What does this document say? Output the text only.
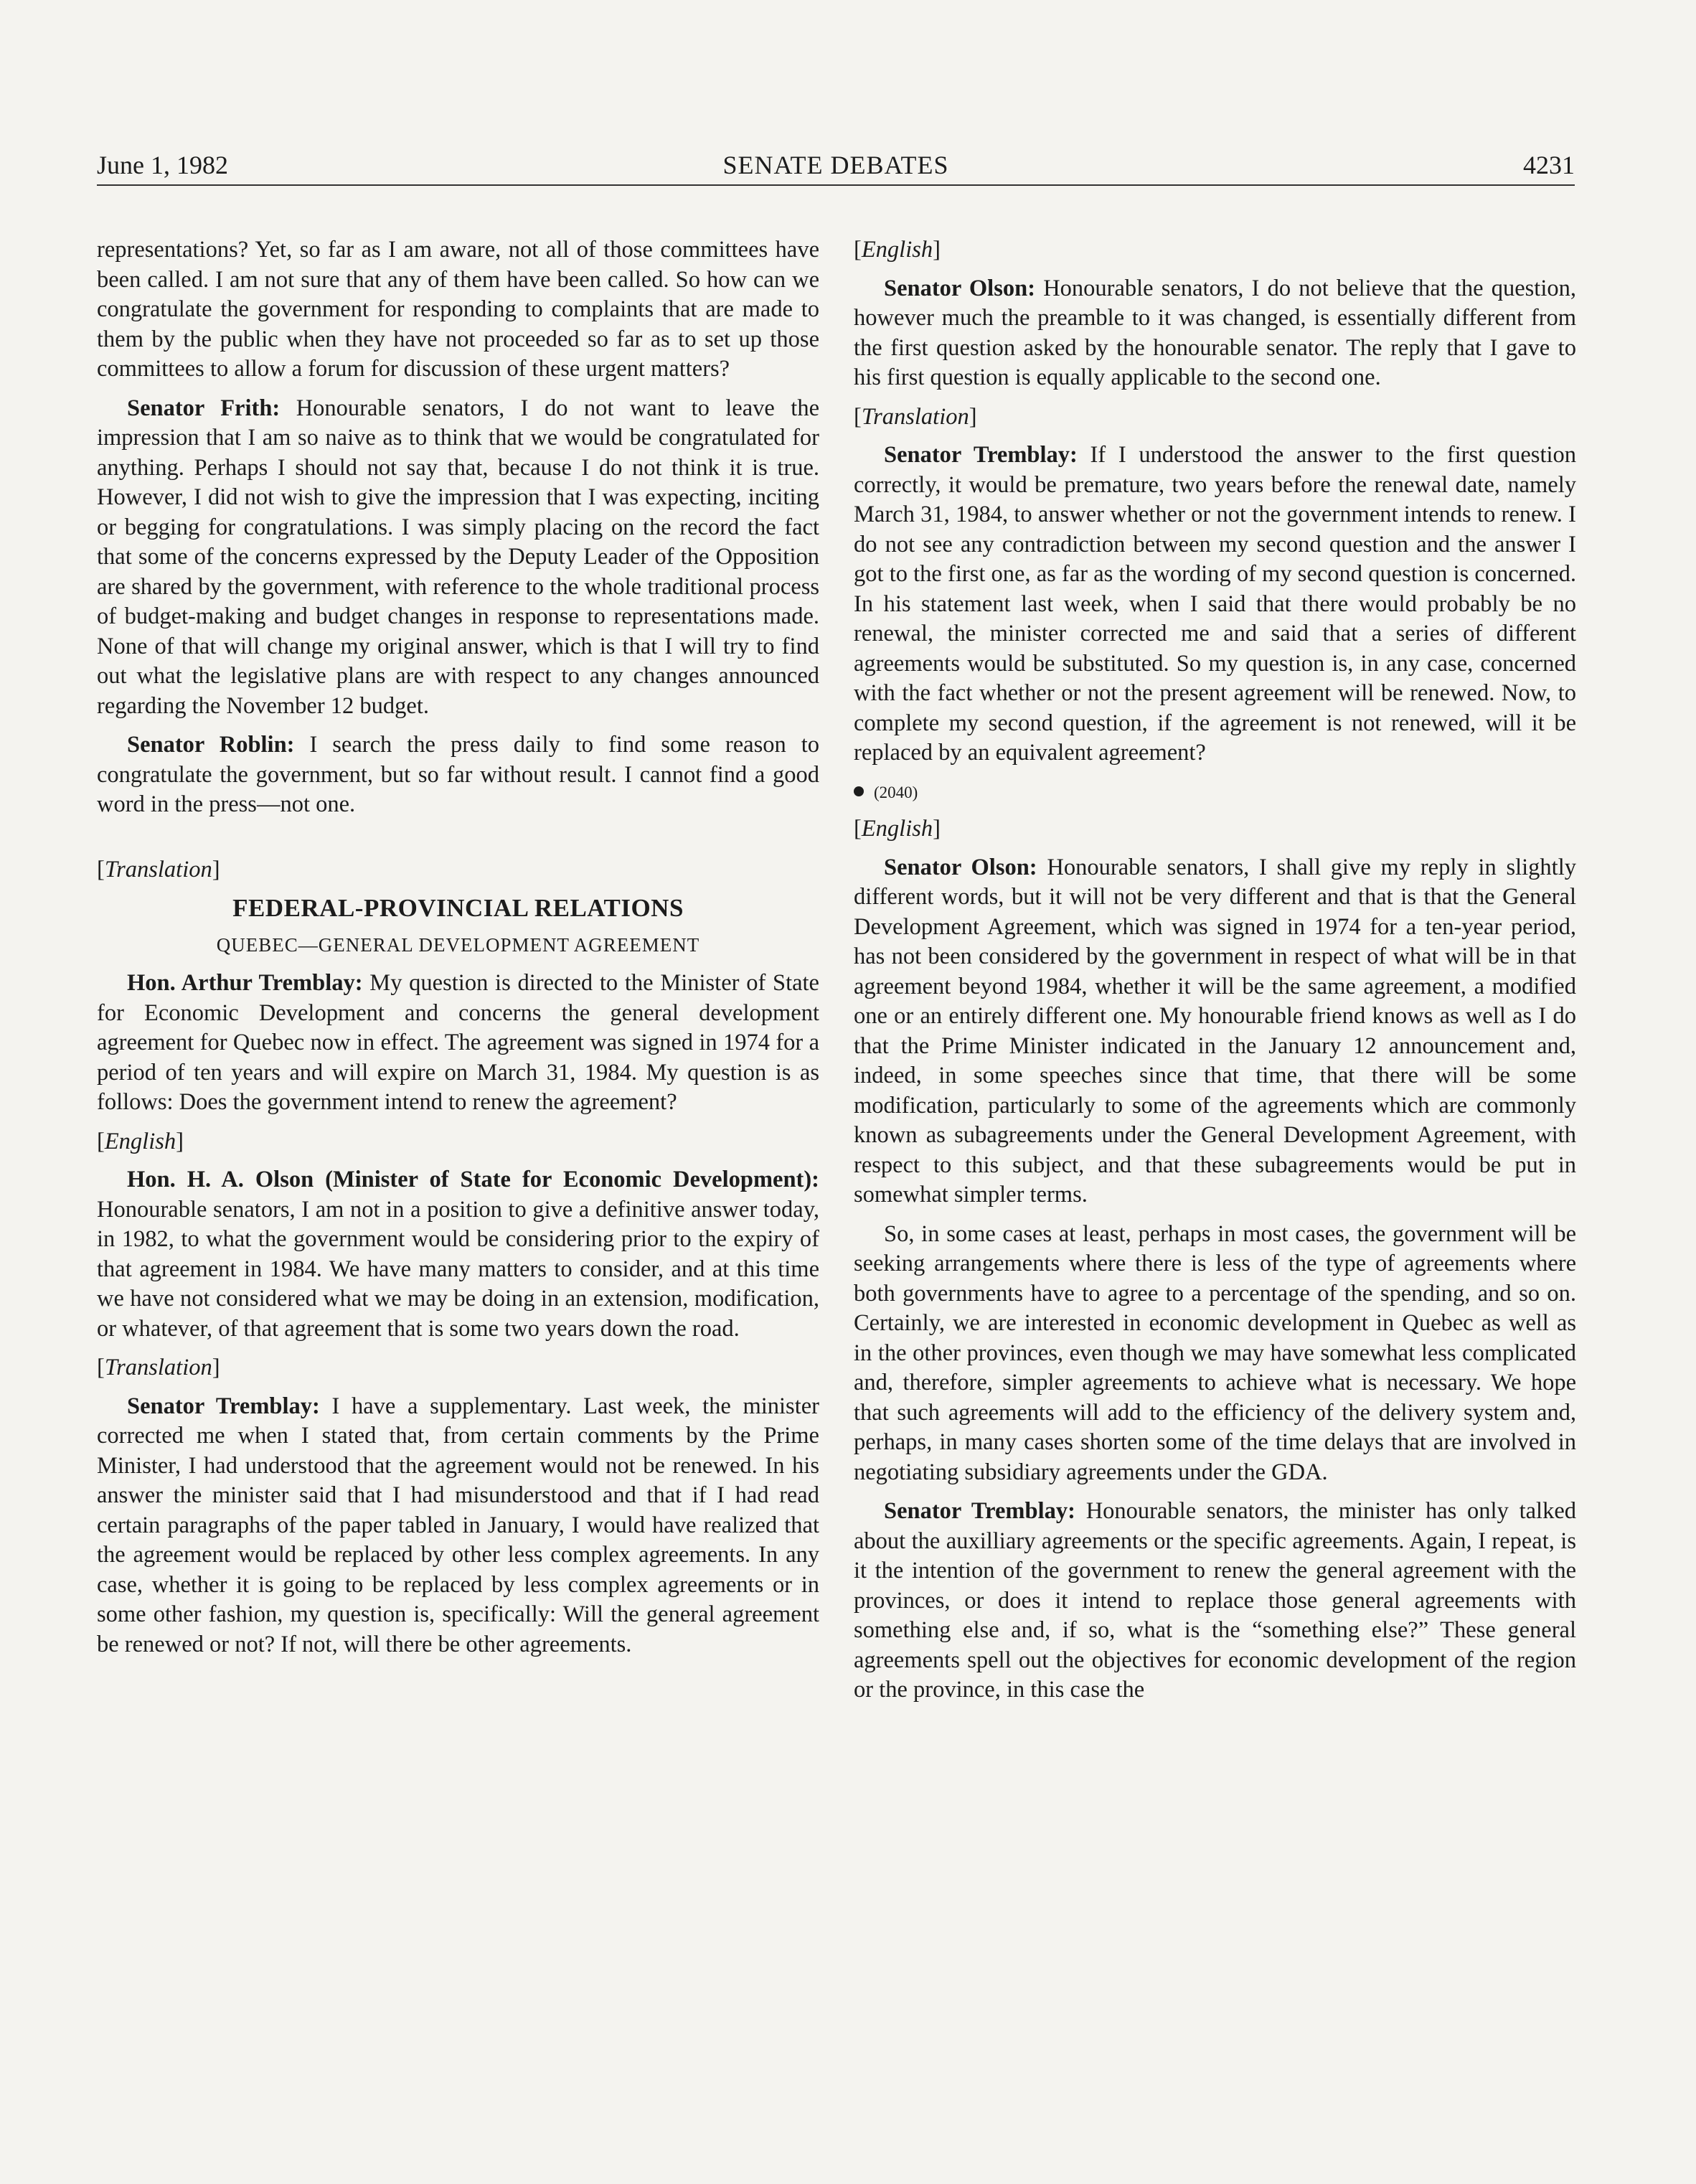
June 1, 1982	SENATE DEBATES	4231

representations? Yet, so far as I am aware, not all of those committees have been called. I am not sure that any of them have been called. So how can we congratulate the government for responding to complaints that are made to them by the public when they have not proceeded so far as to set up those committees to allow a forum for discussion of these urgent matters?

Senator Frith: Honourable senators, I do not want to leave the impression that I am so naive as to think that we would be congratulated for anything. Perhaps I should not say that, because I do not think it is true. However, I did not wish to give the impression that I was expecting, inciting or begging for congratulations. I was simply placing on the record the fact that some of the concerns expressed by the Deputy Leader of the Opposition are shared by the government, with reference to the whole traditional process of budget-making and budget changes in response to representations made. None of that will change my original answer, which is that I will try to find out what the legislative plans are with respect to any changes announced regarding the November 12 budget.

Senator Roblin: I search the press daily to find some reason to congratulate the government, but so far without result. I cannot find a good word in the press—not one.

[Translation]
FEDERAL-PROVINCIAL RELATIONS
QUEBEC—GENERAL DEVELOPMENT AGREEMENT

Hon. Arthur Tremblay: My question is directed to the Minister of State for Economic Development and concerns the general development agreement for Quebec now in effect. The agreement was signed in 1974 for a period of ten years and will expire on March 31, 1984. My question is as follows: Does the government intend to renew the agreement?

[English]

Hon. H. A. Olson (Minister of State for Economic Development): Honourable senators, I am not in a position to give a definitive answer today, in 1982, to what the government would be considering prior to the expiry of that agreement in 1984. We have many matters to consider, and at this time we have not considered what we may be doing in an extension, modification, or whatever, of that agreement that is some two years down the road.

[Translation]

Senator Tremblay: I have a supplementary. Last week, the minister corrected me when I stated that, from certain comments by the Prime Minister, I had understood that the agreement would not be renewed. In his answer the minister said that I had misunderstood and that if I had read certain paragraphs of the paper tabled in January, I would have realized that the agreement would be replaced by other less complex agreements. In any case, whether it is going to be replaced by less complex agreements or in some other fashion, my question is, specifically: Will the general agreement be renewed or not? If not, will there be other agreements.

[English]

Senator Olson: Honourable senators, I do not believe that the question, however much the preamble to it was changed, is essentially different from the first question asked by the honourable senator. The reply that I gave to his first question is equally applicable to the second one.

[Translation]

Senator Tremblay: If I understood the answer to the first question correctly, it would be premature, two years before the renewal date, namely March 31, 1984, to answer whether or not the government intends to renew. I do not see any contradiction between my second question and the answer I got to the first one, as far as the wording of my second question is concerned. In his statement last week, when I said that there would probably be no renewal, the minister corrected me and said that a series of different agreements would be substituted. So my question is, in any case, concerned with the fact whether or not the present agreement will be renewed. Now, to complete my second question, if the agreement is not renewed, will it be replaced by an equivalent agreement?

(2040)
[English]

Senator Olson: Honourable senators, I shall give my reply in slightly different words, but it will not be very different and that is that the General Development Agreement, which was signed in 1974 for a ten-year period, has not been considered by the government in respect of what will be in that agreement beyond 1984, whether it will be the same agreement, a modified one or an entirely different one. My honourable friend knows as well as I do that the Prime Minister indicated in the January 12 announcement and, indeed, in some speeches since that time, that there will be some modification, particularly to some of the agreements which are commonly known as subagreements under the General Development Agreement, with respect to this subject, and that these subagreements would be put in somewhat simpler terms.

So, in some cases at least, perhaps in most cases, the government will be seeking arrangements where there is less of the type of agreements where both governments have to agree to a percentage of the spending, and so on. Certainly, we are interested in economic development in Quebec as well as in the other provinces, even though we may have somewhat less complicated and, therefore, simpler agreements to achieve what is necessary. We hope that such agreements will add to the efficiency of the delivery system and, perhaps, in many cases shorten some of the time delays that are involved in negotiating subsidiary agreements under the GDA.

Senator Tremblay: Honourable senators, the minister has only talked about the auxilliary agreements or the specific agreements. Again, I repeat, is it the intention of the government to renew the general agreement with the provinces, or does it intend to replace those general agreements with something else and, if so, what is the “something else?” These general agreements spell out the objectives for economic development of the region or the province, in this case the
